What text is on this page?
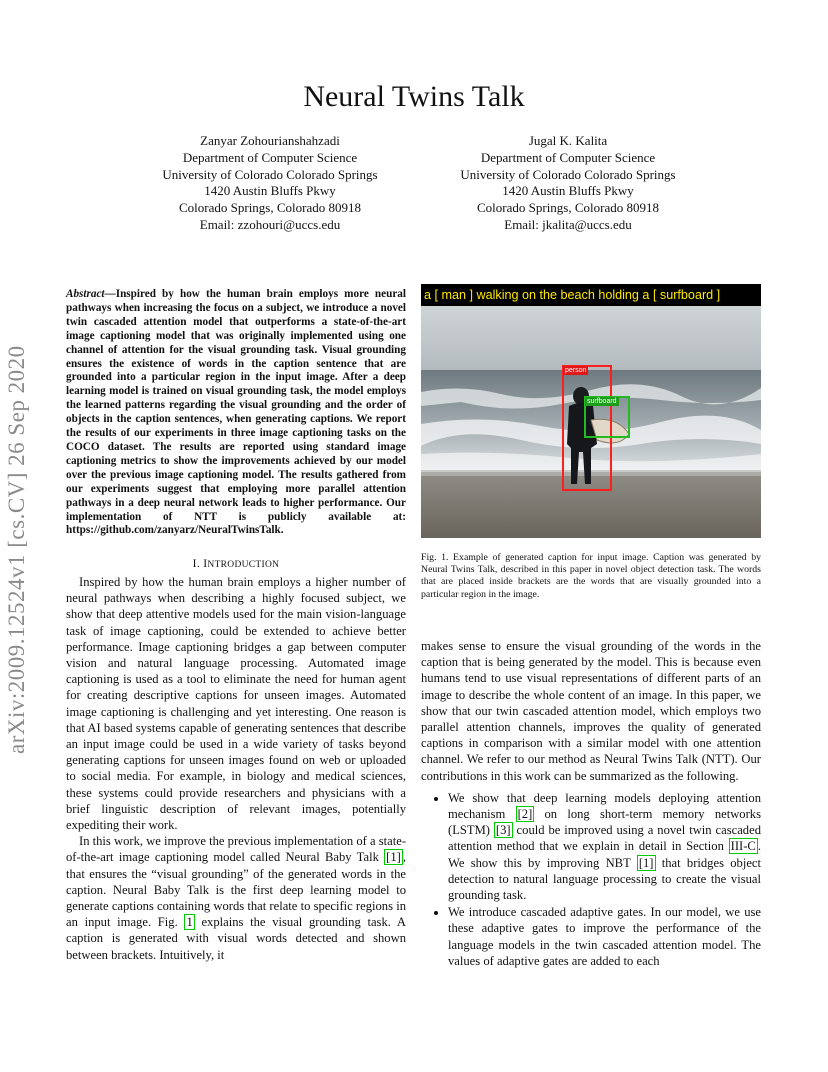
Neural Twins Talk
Zanyar Zohourianshahzadi
Department of Computer Science
University of Colorado Colorado Springs
1420 Austin Bluffs Pkwy
Colorado Springs, Colorado 80918
Email: zzohouri@uccs.edu
Jugal K. Kalita
Department of Computer Science
University of Colorado Colorado Springs
1420 Austin Bluffs Pkwy
Colorado Springs, Colorado 80918
Email: jkalita@uccs.edu
arXiv:2009.12524v1 [cs.CV] 26 Sep 2020
Abstract—Inspired by how the human brain employs more neural pathways when increasing the focus on a subject, we introduce a novel twin cascaded attention model that outperforms a state-of-the-art image captioning model that was originally implemented using one channel of attention for the visual grounding task. Visual grounding ensures the existence of words in the caption sentence that are grounded into a particular region in the input image. After a deep learning model is trained on visual grounding task, the model employs the learned patterns regarding the visual grounding and the order of objects in the caption sentences, when generating captions. We report the results of our experiments in three image captioning tasks on the COCO dataset. The results are reported using standard image captioning metrics to show the improvements achieved by our model over the previous image captioning model. The results gathered from our experiments suggest that employing more parallel attention pathways in a deep neural network leads to higher performance. Our implementation of NTT is publicly available at: https://github.com/zanyarz/NeuralTwinsTalk.
I. INTRODUCTION

Inspired by how the human brain employs a higher number of neural pathways when describing a highly focused subject, we show that deep attentive models used for the main vision-language task of image captioning, could be extended to achieve better performance. Image captioning bridges a gap between computer vision and natural language processing. Automated image captioning is used as a tool to eliminate the need for human agent for creating descriptive captions for unseen images. Automated image captioning is challenging and yet interesting. One reason is that AI based systems capable of generating sentences that describe an input image could be used in a wide variety of tasks beyond generating captions for unseen images found on web or uploaded to social media. For example, in biology and medical sciences, these systems could provide researchers and physicians with a brief linguistic description of relevant images, potentially expediting their work.

In this work, we improve the previous implementation of a state-of-the-art image captioning model called Neural Baby Talk [1] , that ensures the “visual grounding” of the generated words in the caption. Neural Baby Talk is the first deep learning model to generate captions containing words that relate to specific regions in an input image. Fig. 1 explains the visual grounding task. A caption is generated with visual words detected and shown between brackets. Intuitively, it

person
surfboard
a [ man ] walking on the beach holding a [ surfboard ]
Fig. 1. Example of generated caption for input image. Caption was generated by Neural Twins Talk, described in this paper in novel object detection task. The words that are placed inside brackets are the words that are visually grounded into a particular region in the image.

makes sense to ensure the visual grounding of the words in the caption that is being generated by the model. This is because even humans tend to use visual representations of different parts of an image to describe the whole content of an image. In this paper, we show that our twin cascaded attention model, which employs two parallel attention channels, improves the quality of generated captions in comparison with a similar model with one attention channel. We refer to our method as Neural Twins Talk (NTT). Our contributions in this work can be summarized as the following.

• We show that deep learning models deploying attention mechanism [2] on long short-term memory networks (LSTM) [3] could be improved using a novel twin cascaded attention method that we explain in detail in Section III-C . We show this by improving NBT [1] that bridges object detection to natural language processing to create the visual grounding task.
• We introduce cascaded adaptive gates. In our model, we use these adaptive gates to improve the performance of the language models in the twin cascaded attention model. The values of adaptive gates are added to each
